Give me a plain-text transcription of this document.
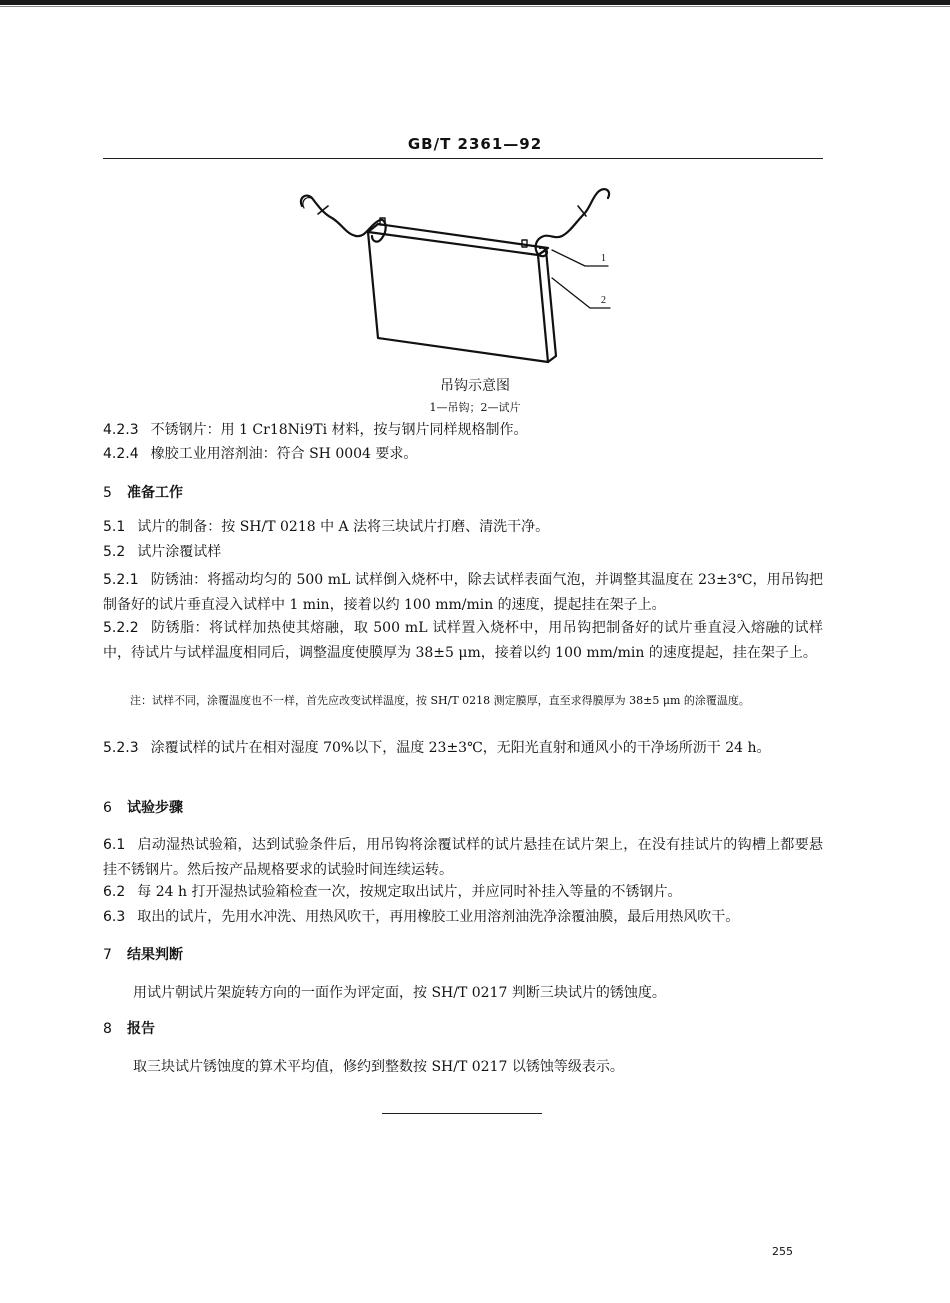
GB/T 2361—92
1
2
吊钩示意图
1—吊钩；2—试片
4.2.3 不锈钢片：用 1 Cr18Ni9Ti 材料，按与钢片同样规格制作。
4.2.4 橡胶工业用溶剂油：符合 SH 0004 要求。
5 准备工作
5.1 试片的制备：按 SH/T 0218 中 A 法将三块试片打磨、清洗干净。
5.2 试片涂覆试样
5.2.1 防锈油：将摇动均匀的 500 mL 试样倒入烧杯中，除去试样表面气泡，并调整其温度在 23±3℃，用吊钩把制备好的试片垂直浸入试样中 1 min，接着以约 100 mm/min 的速度，提起挂在架子上。
5.2.2 防锈脂：将试样加热使其熔融，取 500 mL 试样置入烧杯中，用吊钩把制备好的试片垂直浸入熔融的试样中，待试片与试样温度相同后，调整温度使膜厚为 38±5 μm，接着以约 100 mm/min 的速度提起，挂在架子上。
注：试样不同，涂覆温度也不一样，首先应改变试样温度，按 SH/T 0218 测定膜厚，直至求得膜厚为 38±5 μm 的涂覆温度。
5.2.3 涂覆试样的试片在相对湿度 70%以下，温度 23±3℃，无阳光直射和通风小的干净场所沥干 24 h。
6 试验步骤
6.1 启动湿热试验箱，达到试验条件后，用吊钩将涂覆试样的试片悬挂在试片架上，在没有挂试片的钩槽上都要悬挂不锈钢片。然后按产品规格要求的试验时间连续运转。
6.2 每 24 h 打开湿热试验箱检查一次，按规定取出试片，并应同时补挂入等量的不锈钢片。
6.3 取出的试片，先用水冲洗、用热风吹干，再用橡胶工业用溶剂油洗净涂覆油膜，最后用热风吹干。
7 结果判断
用试片朝试片架旋转方向的一面作为评定面，按 SH/T 0217 判断三块试片的锈蚀度。
8 报告
取三块试片锈蚀度的算术平均值，修约到整数按 SH/T 0217 以锈蚀等级表示。
255
